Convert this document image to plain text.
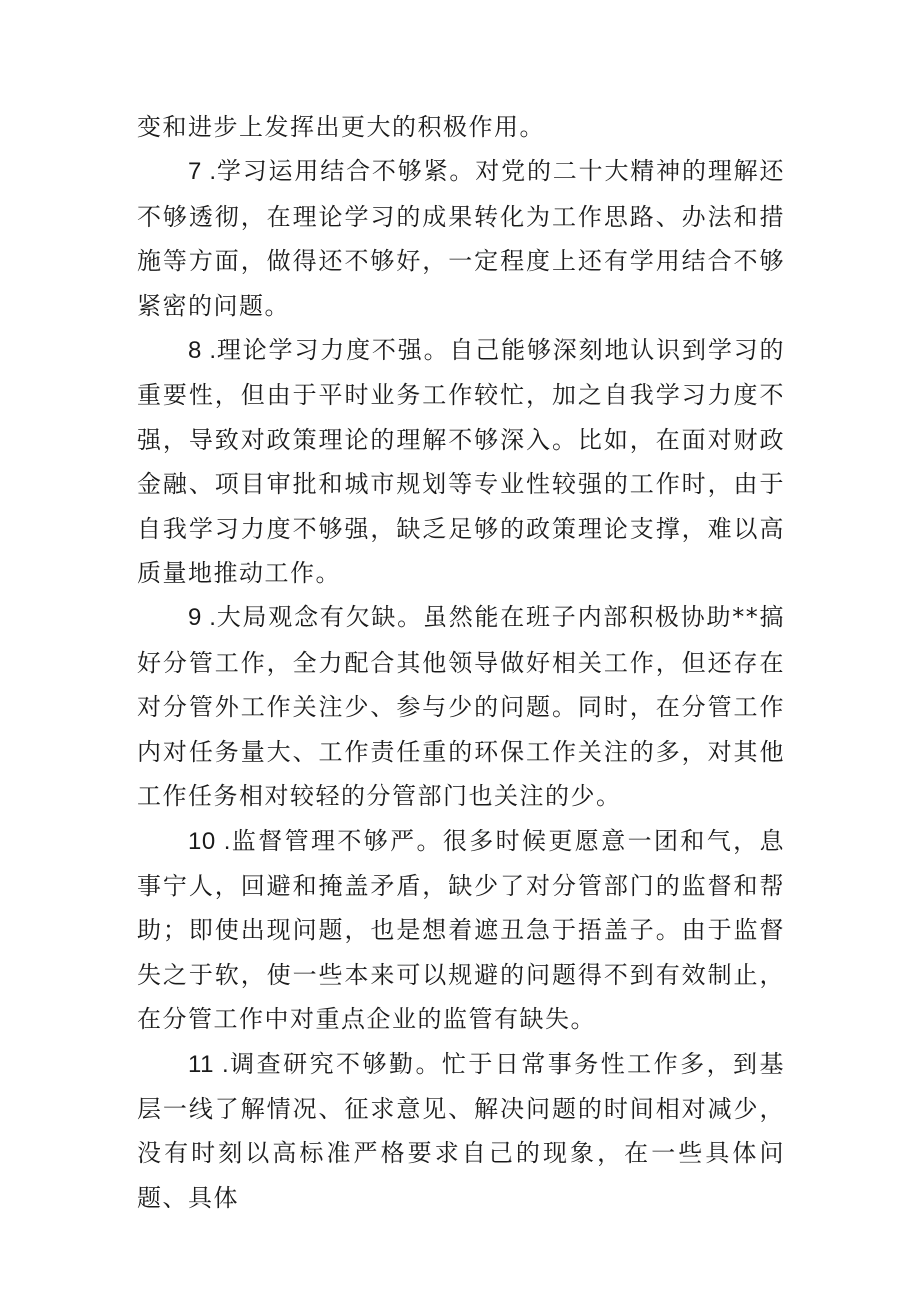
变和进步上发挥出更大的积极作用。

7 .学习运用结合不够紧。对党的二十大精神的理解还不够透彻，在理论学习的成果转化为工作思路、办法和措施等方面，做得还不够好，一定程度上还有学用结合不够紧密的问题。

8 .理论学习力度不强。自己能够深刻地认识到学习的重要性，但由于平时业务工作较忙，加之自我学习力度不强，导致对政策理论的理解不够深入。比如，在面对财政金融、项目审批和城市规划等专业性较强的工作时，由于自我学习力度不够强，缺乏足够的政策理论支撑，难以高质量地推动工作。

9 .大局观念有欠缺。虽然能在班子内部积极协助**搞好分管工作，全力配合其他领导做好相关工作，但还存在对分管外工作关注少、参与少的问题。同时，在分管工作内对任务量大、工作责任重的环保工作关注的多，对其他工作任务相对较轻的分管部门也关注的少。

10 .监督管理不够严。很多时候更愿意一团和气，息事宁人，回避和掩盖矛盾，缺少了对分管部门的监督和帮助；即使出现问题，也是想着遮丑急于捂盖子。由于监督失之于软，使一些本来可以规避的问题得不到有效制止，在分管工作中对重点企业的监管有缺失。

11 .调查研究不够勤。忙于日常事务性工作多，到基层一线了解情况、征求意见、解决问题的时间相对减少，没有时刻以高标准严格要求自己的现象，在一些具体问题、具体
